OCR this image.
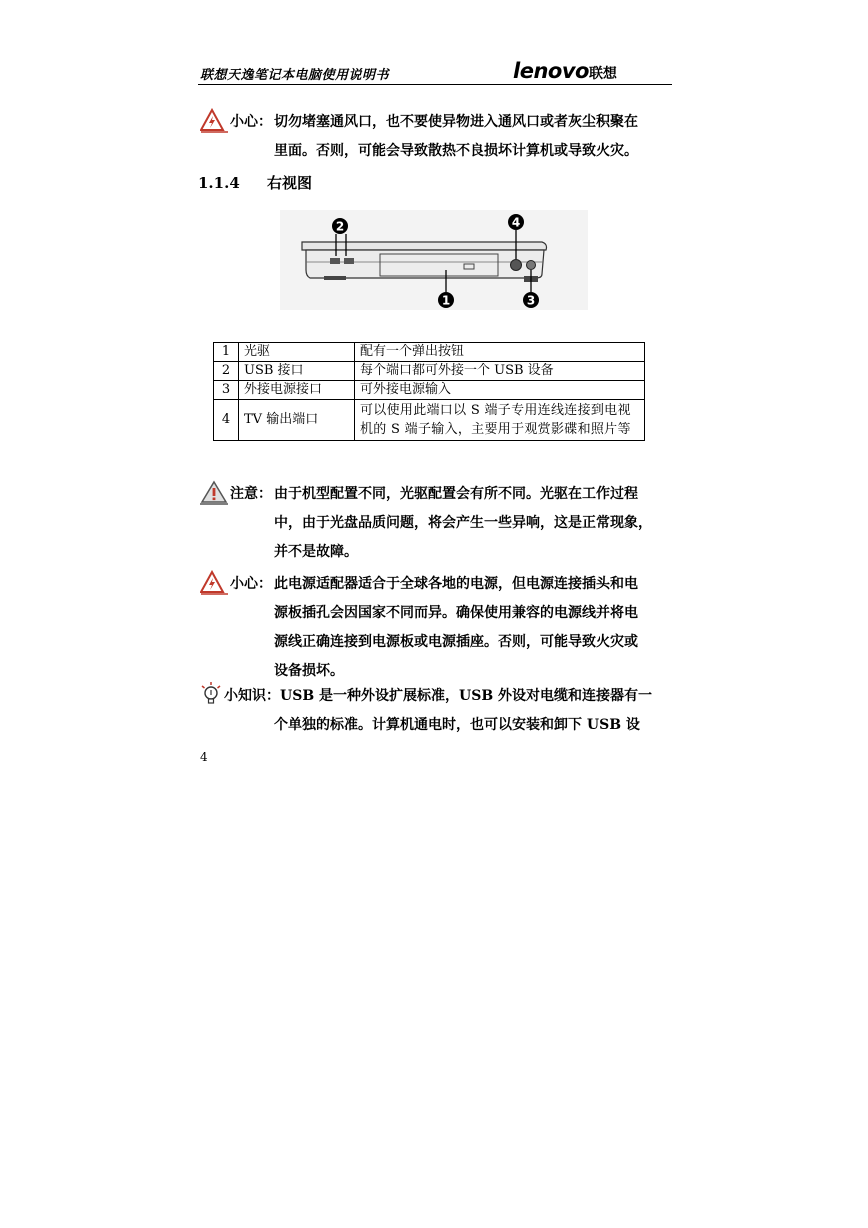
联想天逸笔记本电脑使用说明书	lenovo联想
小心： 切勿堵塞通风口，也不要使异物进入通风口或者灰尘积聚在
里面。否则，可能会导致散热不良损坏计算机或导致火灾。
1.1.4 右视图
2	4
1	3
1	光驱	配有一个弹出按钮
2	USB 接口	每个端口都可外接一个 USB 设备
3	外接电源接口	可外接电源输入
4	TV 输出端口	可以使用此端口以 S 端子专用连线连接到电视机的 S 端子输入，主要用于观赏影碟和照片等
注意： 由于机型配置不同，光驱配置会有所不同。光驱在工作过程
中，由于光盘品质问题，将会产生一些异响，这是正常现象，
并不是故障。
小心： 此电源适配器适合于全球各地的电源，但电源连接插头和电
源板插孔会因国家不同而异。确保使用兼容的电源线并将电
源线正确连接到电源板或电源插座。否则，可能导致火灾或
设备损坏。
小知识： USB 是一种外设扩展标准，USB 外设对电缆和连接器有一
个单独的标准。计算机通电时，也可以安装和卸下 USB 设
4
